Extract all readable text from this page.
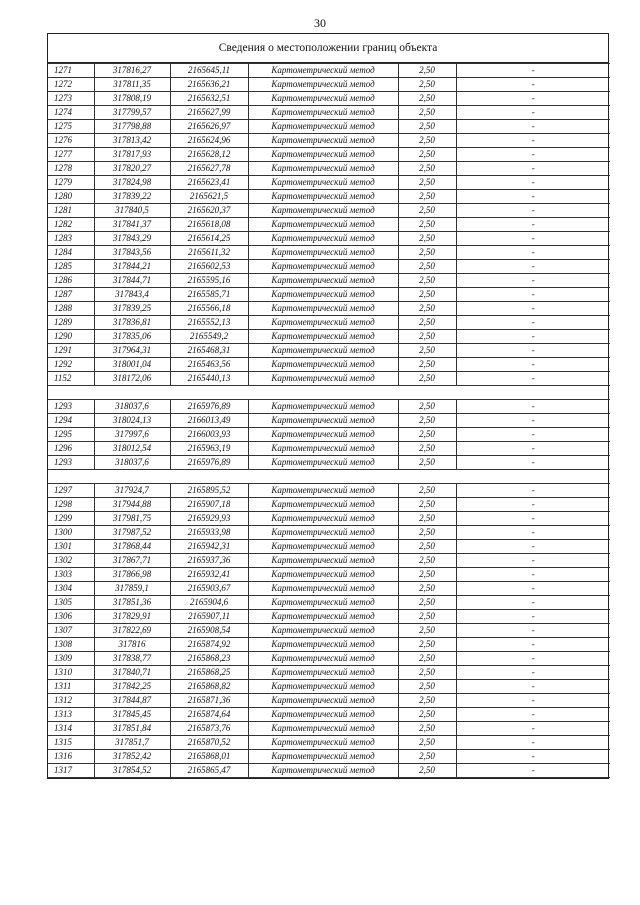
30
Сведения о местоположении границ объекта
1271	317816,27	2165645,11	Картометрический метод	2,50	-
1272	317811,35	2165636,21	Картометрический метод	2,50	-
1273	317808,19	2165632,51	Картометрический метод	2,50	-
1274	317799,57	2165627,99	Картометрический метод	2,50	-
1275	317798,88	2165626,97	Картометрический метод	2,50	-
1276	317813,42	2165624,96	Картометрический метод	2,50	-
1277	317817,93	2165628,12	Картометрический метод	2,50	-
1278	317820,27	2165627,78	Картометрический метод	2,50	-
1279	317824,98	2165623,41	Картометрический метод	2,50	-
1280	317839,22	2165621,5	Картометрический метод	2,50	-
1281	317840,5	2165620,37	Картометрический метод	2,50	-
1282	317841,37	2165618,08	Картометрический метод	2,50	-
1283	317843,29	2165614,25	Картометрический метод	2,50	-
1284	317843,56	2165611,32	Картометрический метод	2,50	-
1285	317844,21	2165602,53	Картометрический метод	2,50	-
1286	317844,71	2165595,16	Картометрический метод	2,50	-
1287	317843,4	2165585,71	Картометрический метод	2,50	-
1288	317839,25	2165566,18	Картометрический метод	2,50	-
1289	317836,81	2165552,13	Картометрический метод	2,50	-
1290	317835,06	2165549,2	Картометрический метод	2,50	-
1291	317964,31	2165468,31	Картометрический метод	2,50	-
1292	318001,04	2165463,56	Картометрический метод	2,50	-
1152	318172,06	2165440,13	Картометрический метод	2,50	-

1293	318037,6	2165976,89	Картометрический метод	2,50	-
1294	318024,13	2166013,49	Картометрический метод	2,50	-
1295	317997,6	2166003,93	Картометрический метод	2,50	-
1296	318012,54	2165963,19	Картометрический метод	2,50	-
1293	318037,6	2165976,89	Картометрический метод	2,50	-

1297	317924,7	2165895,52	Картометрический метод	2,50	-
1298	317944,88	2165907,18	Картометрический метод	2,50	-
1299	317981,75	2165929,93	Картометрический метод	2,50	-
1300	317987,52	2165933,98	Картометрический метод	2,50	-
1301	317868,44	2165942,31	Картометрический метод	2,50	-
1302	317867,71	2165937,36	Картометрический метод	2,50	-
1303	317866,98	2165932,41	Картометрический метод	2,50	-
1304	317859,1	2165903,67	Картометрический метод	2,50	-
1305	317851,36	2165904,6	Картометрический метод	2,50	-
1306	317829,91	2165907,11	Картометрический метод	2,50	-
1307	317822,69	2165908,54	Картометрический метод	2,50	-
1308	317816	2165874,92	Картометрический метод	2,50	-
1309	317838,77	2165868,23	Картометрический метод	2,50	-
1310	317840,71	2165868,25	Картометрический метод	2,50	-
1311	317842,25	2165868,82	Картометрический метод	2,50	-
1312	317844,87	2165871,36	Картометрический метод	2,50	-
1313	317845,45	2165874,64	Картометрический метод	2,50	-
1314	317851,84	2165873,76	Картометрический метод	2,50	-
1315	317851,7	2165870,52	Картометрический метод	2,50	-
1316	317852,42	2165868,01	Картометрический метод	2,50	-
1317	317854,52	2165865,47	Картометрический метод	2,50	-
